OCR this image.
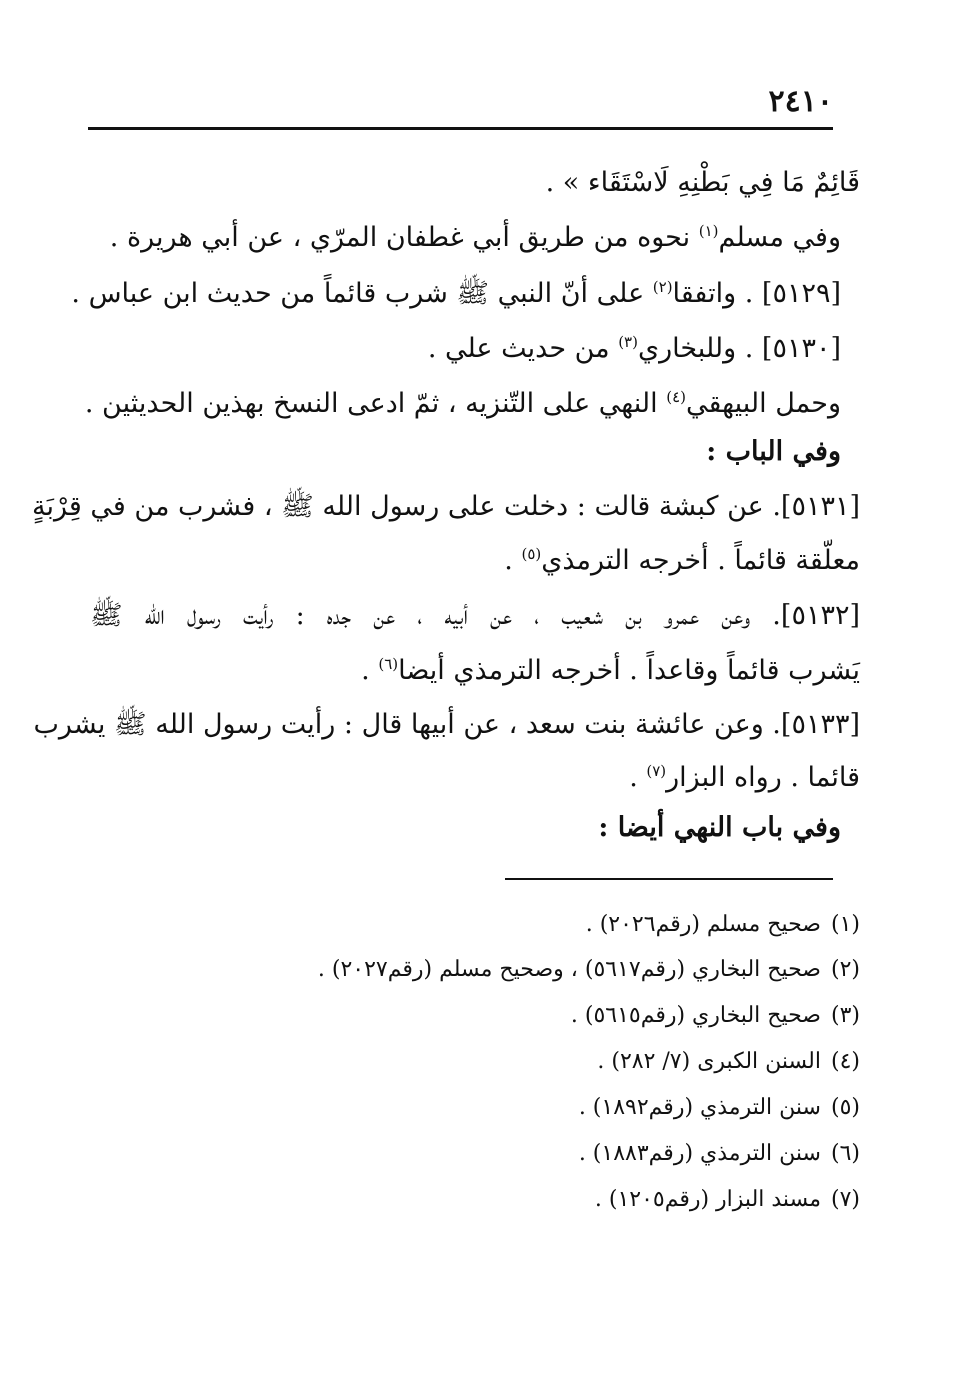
٢٤١٠
قَائِمٌ مَا فِي بَطْنِهِ لَاسْتَقَاء » .
وفي مسلم$^{(١)}$ نحوه من طريق أبي غطفان المرّي ، عن أبي هريرة .
[٥١٢٩] . واتفقا$^{(٢)}$ على أنّ النبي ﷺ شرب قائماً من حديث ابن عباس .
[٥١٣٠] . وللبخاري$^{(٣)}$ من حديث علي .
وحمل البيهقي$^{(٤)}$ النهي على التّنزيه ، ثمّ ادعى النسخ بهذين الحديثين .
وفي الباب :
[٥١٣١]. عن كبشة قالت : دخلت على رسول الله ﷺ ، فشرب من في قِرْبَةٍ
معلّقة قائماً . أخرجه الترمذي$^{(٥)}$ .
[٥١٣٢]. وعن عمرو بن شعيب ، عن أبيه ، عن جده : رأيت رسول الله ﷺ
يَشرب قائماً وقاعداً . أخرجه الترمذي أيضا$^{(٦)}$ .
[٥١٣٣]. وعن عائشة بنت سعد ، عن أبيها قال : رأيت رسول الله ﷺ يشرب
قائما . رواه البزار$^{(٧)}$ .
وفي باب النهي أيضا :
(١)صحيح مسلم (رقم٢٠٢٦) .
(٢)صحيح البخاري (رقم٥٦١٧) ، وصحيح مسلم (رقم٢٠٢٧) .
(٣)صحيح البخاري (رقم٥٦١٥) .
(٤)السنن الكبرى (٧/ ٢٨٢) .
(٥)سنن الترمذي (رقم١٨٩٢) .
(٦)سنن الترمذي (رقم١٨٨٣) .
(٧)مسند البزار (رقم١٢٠٥) .
